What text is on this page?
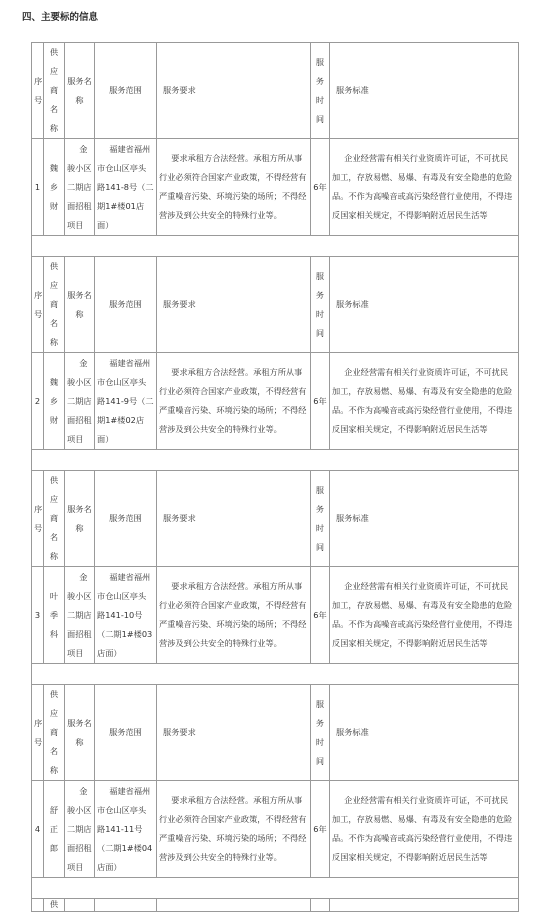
四、主要标的信息
序号	供应商名称	服务名称	服务范围	服务要求	服务时间	服务标准
1	魏乡财	金骏小区二期店面招租项目	福建省福州市仓山区亭头路141-8号（二期1#楼01店面）	要求承租方合法经营。承租方所从事行业必须符合国家产业政策，不得经营有严重噪音污染、环境污染的场所；不得经营涉及到公共安全的特殊行业等。	6年	企业经营需有相关行业资质许可证，不可扰民加工，存放易燃、易爆、有毒及有安全隐患的危险品。不作为高噪音或高污染经营行业使用，不得违反国家相关规定，不得影响附近居民生活等

序号	供应商名称	服务名称	服务范围	服务要求	服务时间	服务标准
2	魏乡财	金骏小区二期店面招租项目	福建省福州市仓山区亭头路141-9号（二期1#楼02店面）	要求承租方合法经营。承租方所从事行业必须符合国家产业政策，不得经营有严重噪音污染、环境污染的场所；不得经营涉及到公共安全的特殊行业等。	6年	企业经营需有相关行业资质许可证，不可扰民加工，存放易燃、易爆、有毒及有安全隐患的危险品。不作为高噪音或高污染经营行业使用，不得违反国家相关规定，不得影响附近居民生活等

序号	供应商名称	服务名称	服务范围	服务要求	服务时间	服务标准
3	叶季科	金骏小区二期店面招租项目	福建省福州市仓山区亭头路141-10号（二期1#楼03店面）	要求承租方合法经营。承租方所从事行业必须符合国家产业政策，不得经营有严重噪音污染、环境污染的场所；不得经营涉及到公共安全的特殊行业等。	6年	企业经营需有相关行业资质许可证，不可扰民加工，存放易燃、易爆、有毒及有安全隐患的危险品。不作为高噪音或高污染经营行业使用，不得违反国家相关规定，不得影响附近居民生活等

序号	供应商名称	服务名称	服务范围	服务要求	服务时间	服务标准
4	舒正郎	金骏小区二期店面招租项目	福建省福州市仓山区亭头路141-11号（二期1#楼04店面）	要求承租方合法经营。承租方所从事行业必须符合国家产业政策，不得经营有严重噪音污染、环境污染的场所；不得经营涉及到公共安全的特殊行业等。	6年	企业经营需有相关行业资质许可证，不可扰民加工，存放易燃、易爆、有毒及有安全隐患的危险品。不作为高噪音或高污染经营行业使用，不得违反国家相关规定，不得影响附近居民生活等

	供					
